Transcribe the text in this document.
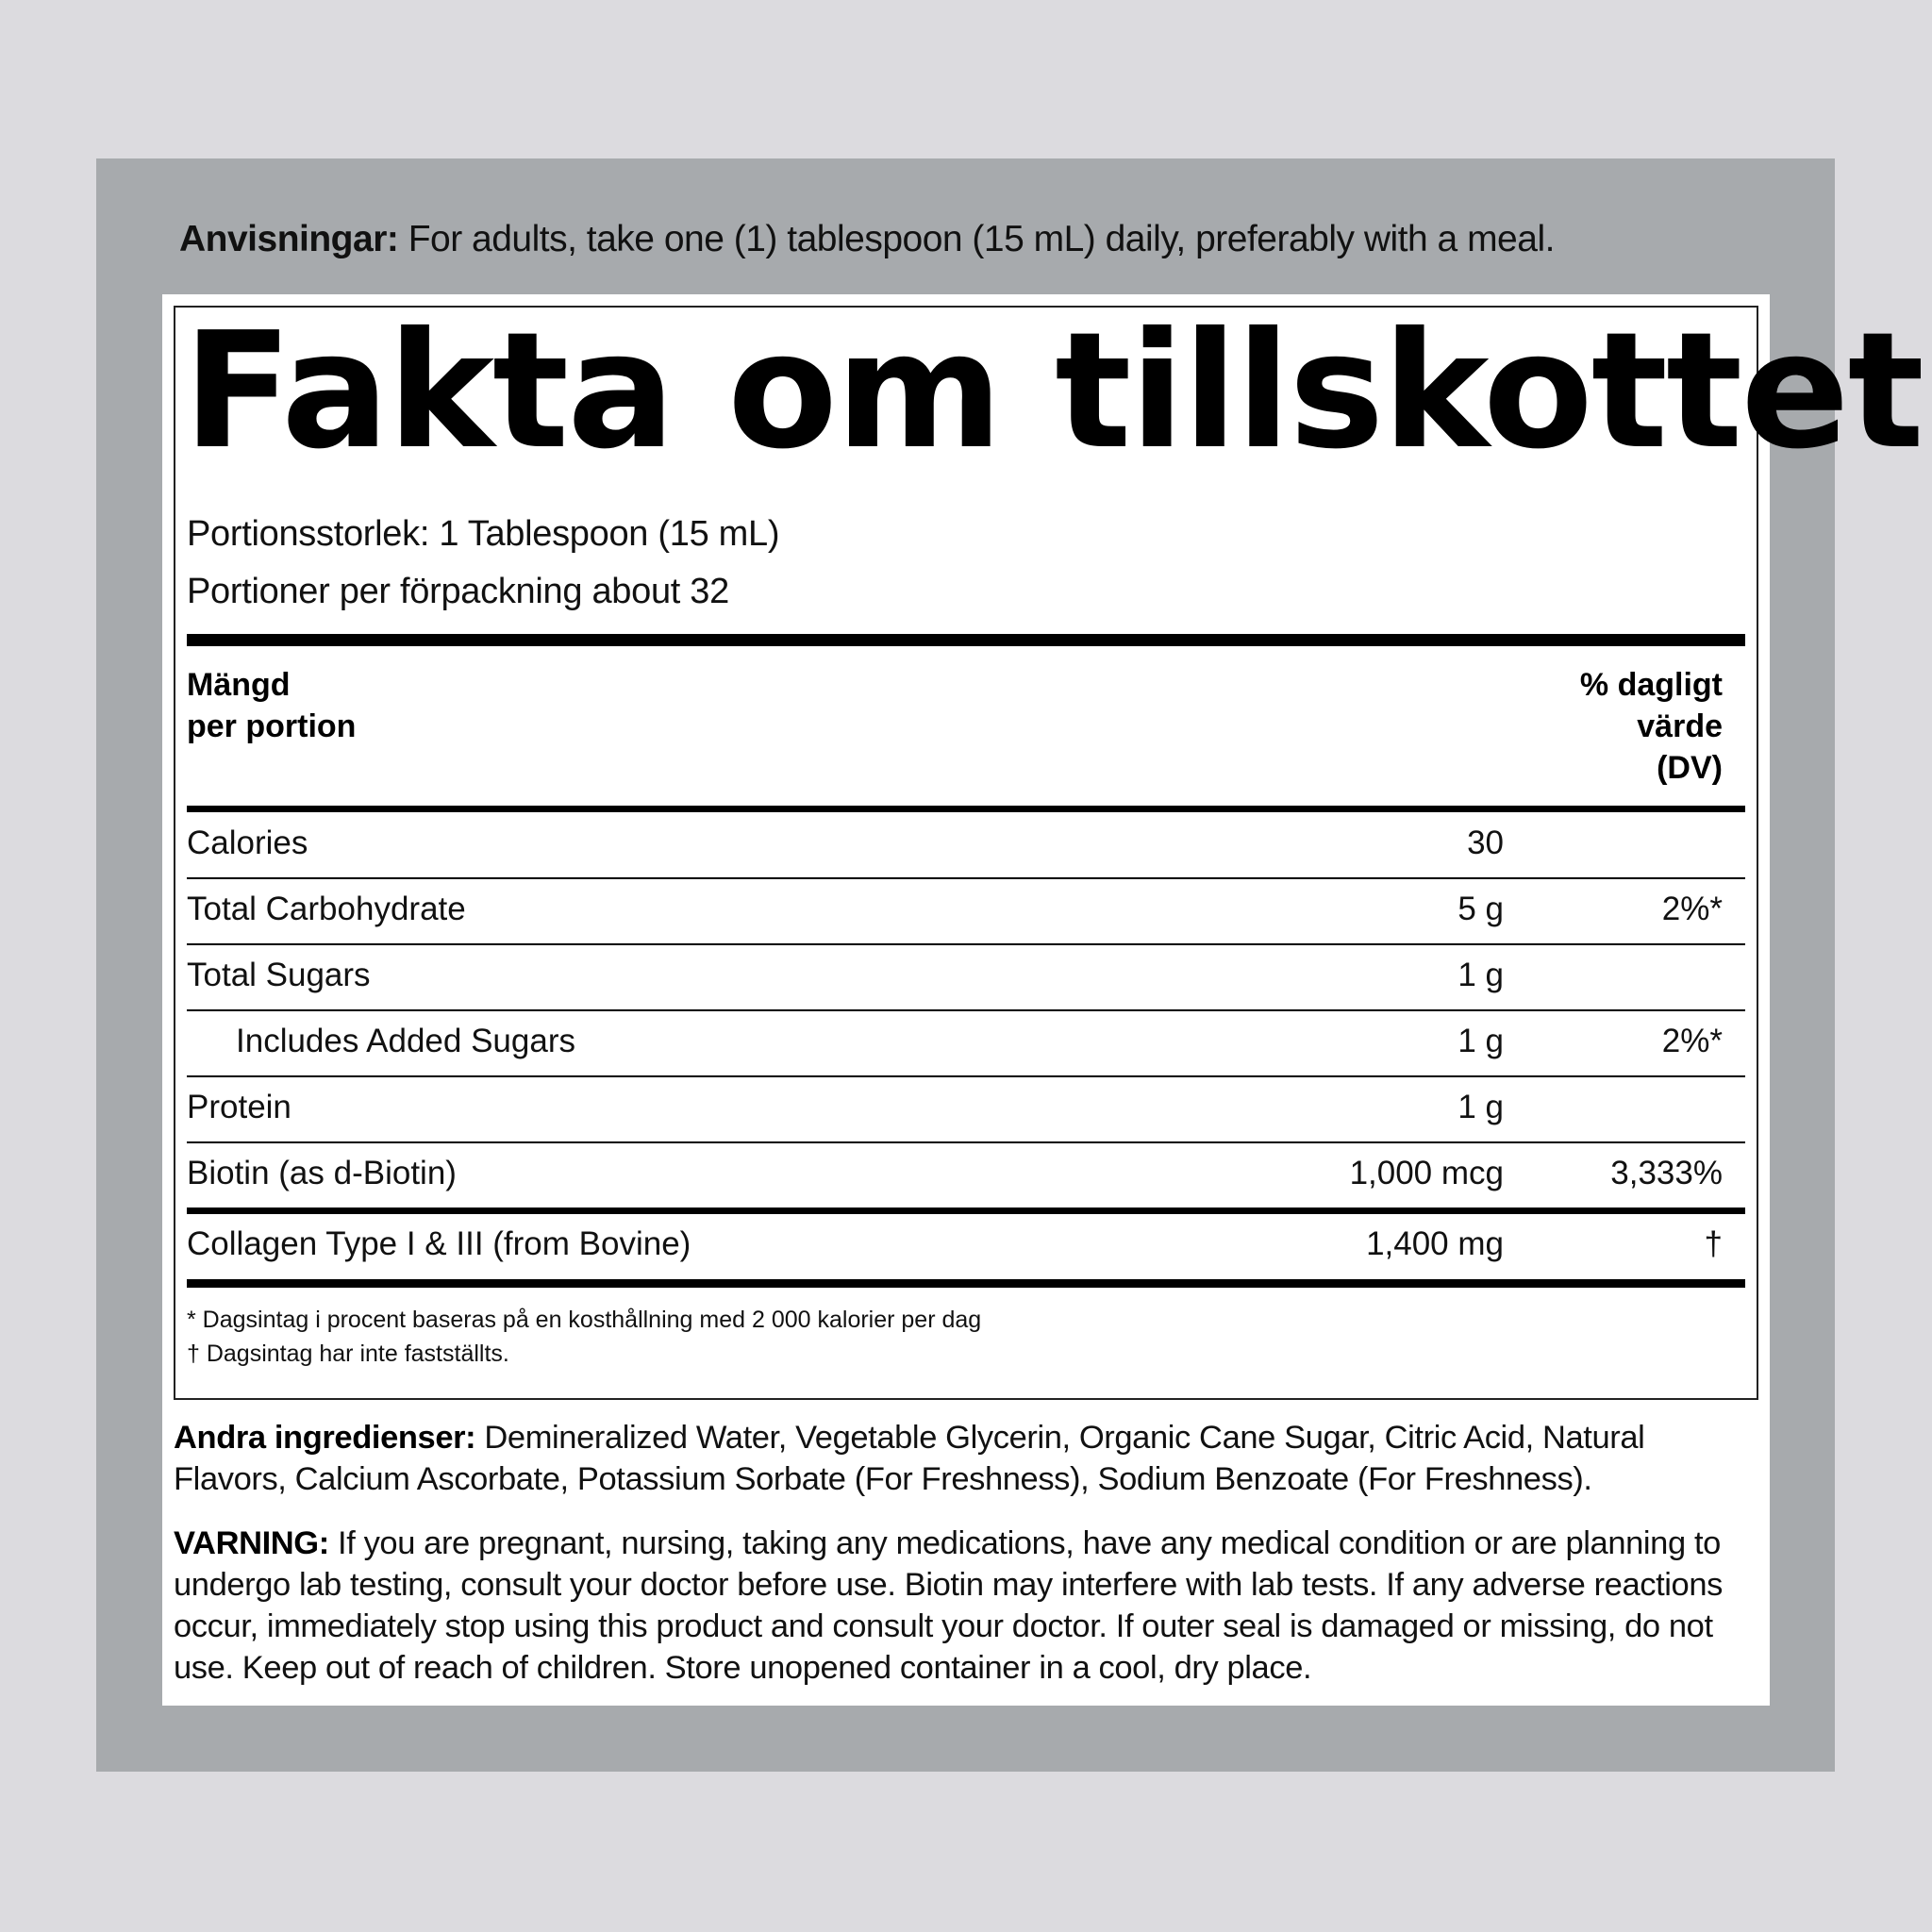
Anvisningar: For adults, take one (1) tablespoon (15 mL) daily, preferably with a meal.
Fakta om tillskottet
Portionsstorlek: 1 Tablespoon (15 mL)
Portioner per förpackning about 32
Mängd
per portion
% dagligt
värde
(DV)
Calories	30
Total Carbohydrate	5 g	2%*
Total Sugars	1 g
Includes Added Sugars	1 g	2%*
Protein	1 g
Biotin (as d-Biotin)	1,000 mcg	3,333%
Collagen Type I & III (from Bovine)	1,400 mg	†
* Dagsintag i procent baseras på en kosthållning med 2 000 kalorier per dag
† Dagsintag har inte fastställts.
Andra ingredienser: Demineralized Water, Vegetable Glycerin, Organic Cane Sugar, Citric Acid, Natural Flavors, Calcium Ascorbate, Potassium Sorbate (For Freshness), Sodium Benzoate (For Freshness).
VARNING: If you are pregnant, nursing, taking any medications, have any medical condition or are planning to undergo lab testing, consult your doctor before use. Biotin may interfere with lab tests. If any adverse reactions occur, immediately stop using this product and consult your doctor. If outer seal is damaged or missing, do not use. Keep out of reach of children. Store unopened container in a cool, dry place.
